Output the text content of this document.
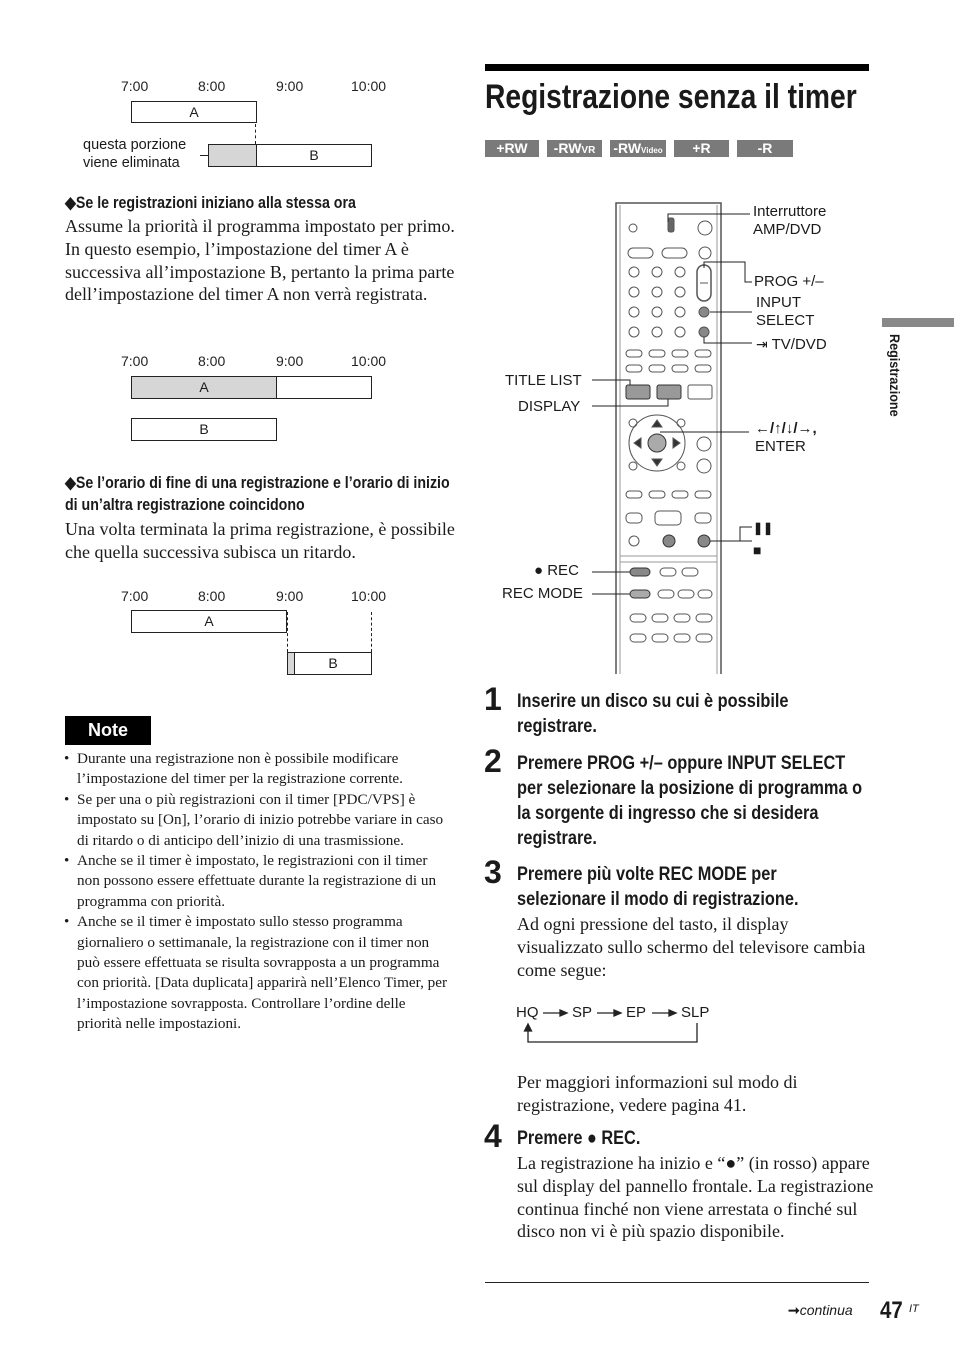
7:00	8:00	9:00	10:00
A
questa porzione viene eliminata	B
◆Se le registrazioni iniziano alla stessa ora
Assume la priorità il programma impostato per primo. In questo esempio, l’impostazione del timer A è successiva all’impostazione B, pertanto la prima parte dell’impostazione del timer A non verrà registrata.
7:00	8:00	9:00	10:00
A
B
◆Se l’orario di fine di una registrazione e l’orario di inizio di un’altra registrazione coincidono
Una volta terminata la prima registrazione, è possibile che quella successiva subisca un ritardo.
7:00	8:00	9:00	10:00
A
B
Note
• Durante una registrazione non è possibile modificare l’impostazione del timer per la registrazione corrente.
• Se per una o più registrazioni con il timer [PDC/VPS] è impostato su [On], l’orario di inizio potrebbe variare in caso di ritardo o di anticipo dell’inizio di una trasmissione.
• Anche se il timer è impostato, le registrazioni con il timer non possono essere effettuate durante la registrazione di un programma con priorità.
• Anche se il timer è impostato sullo stesso programma giornaliero o settimanale, la registrazione con il timer non può essere effettuata se risulta sovrapposta a un programma con priorità. [Data duplicata] apparirà nell’Elenco Timer, per l’impostazione sovrapposta. Controllare l’ordine delle priorità nelle impostazioni.
Registrazione senza il timer
+RW	-RWVR	-RWVideo	+R	-R
Interruttore AMP/DVD
PROG +/–
INPUT SELECT
⇥ TV/DVD
TITLE LIST
DISPLAY
←/↑/↓/→,
ENTER
❚❚
■
● REC
REC MODE
1 Inserire un disco su cui è possibile registrare.
2 Premere PROG +/– oppure INPUT SELECT per selezionare la posizione di programma o la sorgente di ingresso che si desidera registrare.
3 Premere più volte REC MODE per selezionare il modo di registrazione.
Ad ogni pressione del tasto, il display visualizzato sullo schermo del televisore cambia come segue:
HQ SP EP SLP
Per maggiori informazioni sul modo di registrazione, vedere pagina 41.
4 Premere ● REC.
La registrazione ha inizio e “●” (in rosso) appare sul display del pannello frontale. La registrazione continua finché non viene arrestata o finché sul disco non vi è più spazio disponibile.
➞continua 47 IT
Registrazione
